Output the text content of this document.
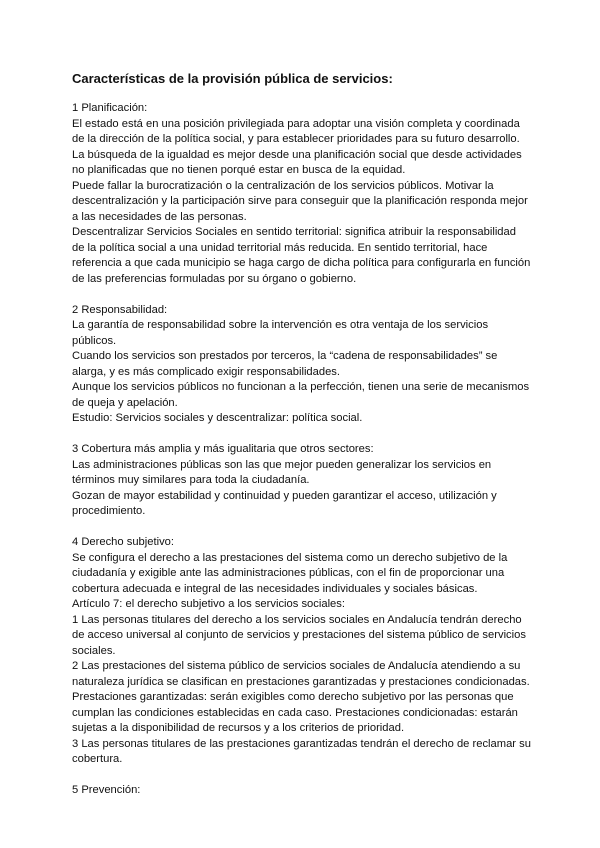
Características de la provisión pública de servicios:
1 Planificación:
El estado está en una posición privilegiada para adoptar una visión completa y coordinada
de la dirección de la política social, y para establecer prioridades para su futuro desarrollo.
La búsqueda de la igualdad es mejor desde una planificación social que desde actividades
no planificadas que no tienen porqué estar en busca de la equidad.
Puede fallar la burocratización o la centralización de los servicios públicos. Motivar la
descentralización y la participación sirve para conseguir que la planificación responda mejor
a las necesidades de las personas.
Descentralizar Servicios Sociales en sentido territorial: significa atribuir la responsabilidad
de la política social a una unidad territorial más reducida. En sentido territorial, hace
referencia a que cada municipio se haga cargo de dicha política para configurarla en función
de las preferencias formuladas por su órgano o gobierno.
2 Responsabilidad:
La garantía de responsabilidad sobre la intervención es otra ventaja de los servicios
públicos.
Cuando los servicios son prestados por terceros, la “cadena de responsabilidades” se
alarga, y es más complicado exigir responsabilidades.
Aunque los servicios públicos no funcionan a la perfección, tienen una serie de mecanismos
de queja y apelación.
Estudio: Servicios sociales y descentralizar: política social.
3 Cobertura más amplia y más igualitaria que otros sectores:
Las administraciones públicas son las que mejor pueden generalizar los servicios en
términos muy similares para toda la ciudadanía.
Gozan de mayor estabilidad y continuidad y pueden garantizar el acceso, utilización y
procedimiento.
4 Derecho subjetivo:
Se configura el derecho a las prestaciones del sistema como un derecho subjetivo de la
ciudadanía y exigible ante las administraciones públicas, con el fin de proporcionar una
cobertura adecuada e integral de las necesidades individuales y sociales básicas.
Artículo 7: el derecho subjetivo a los servicios sociales:
1 Las personas titulares del derecho a los servicios sociales en Andalucía tendrán derecho
de acceso universal al conjunto de servicios y prestaciones del sistema público de servicios
sociales.
2 Las prestaciones del sistema público de servicios sociales de Andalucía atendiendo a su
naturaleza jurídica se clasifican en prestaciones garantizadas y prestaciones condicionadas.
Prestaciones garantizadas: serán exigibles como derecho subjetivo por las personas que
cumplan las condiciones establecidas en cada caso. Prestaciones condicionadas: estarán
sujetas a la disponibilidad de recursos y a los criterios de prioridad.
3 Las personas titulares de las prestaciones garantizadas tendrán el derecho de reclamar su
cobertura.
5 Prevención:
